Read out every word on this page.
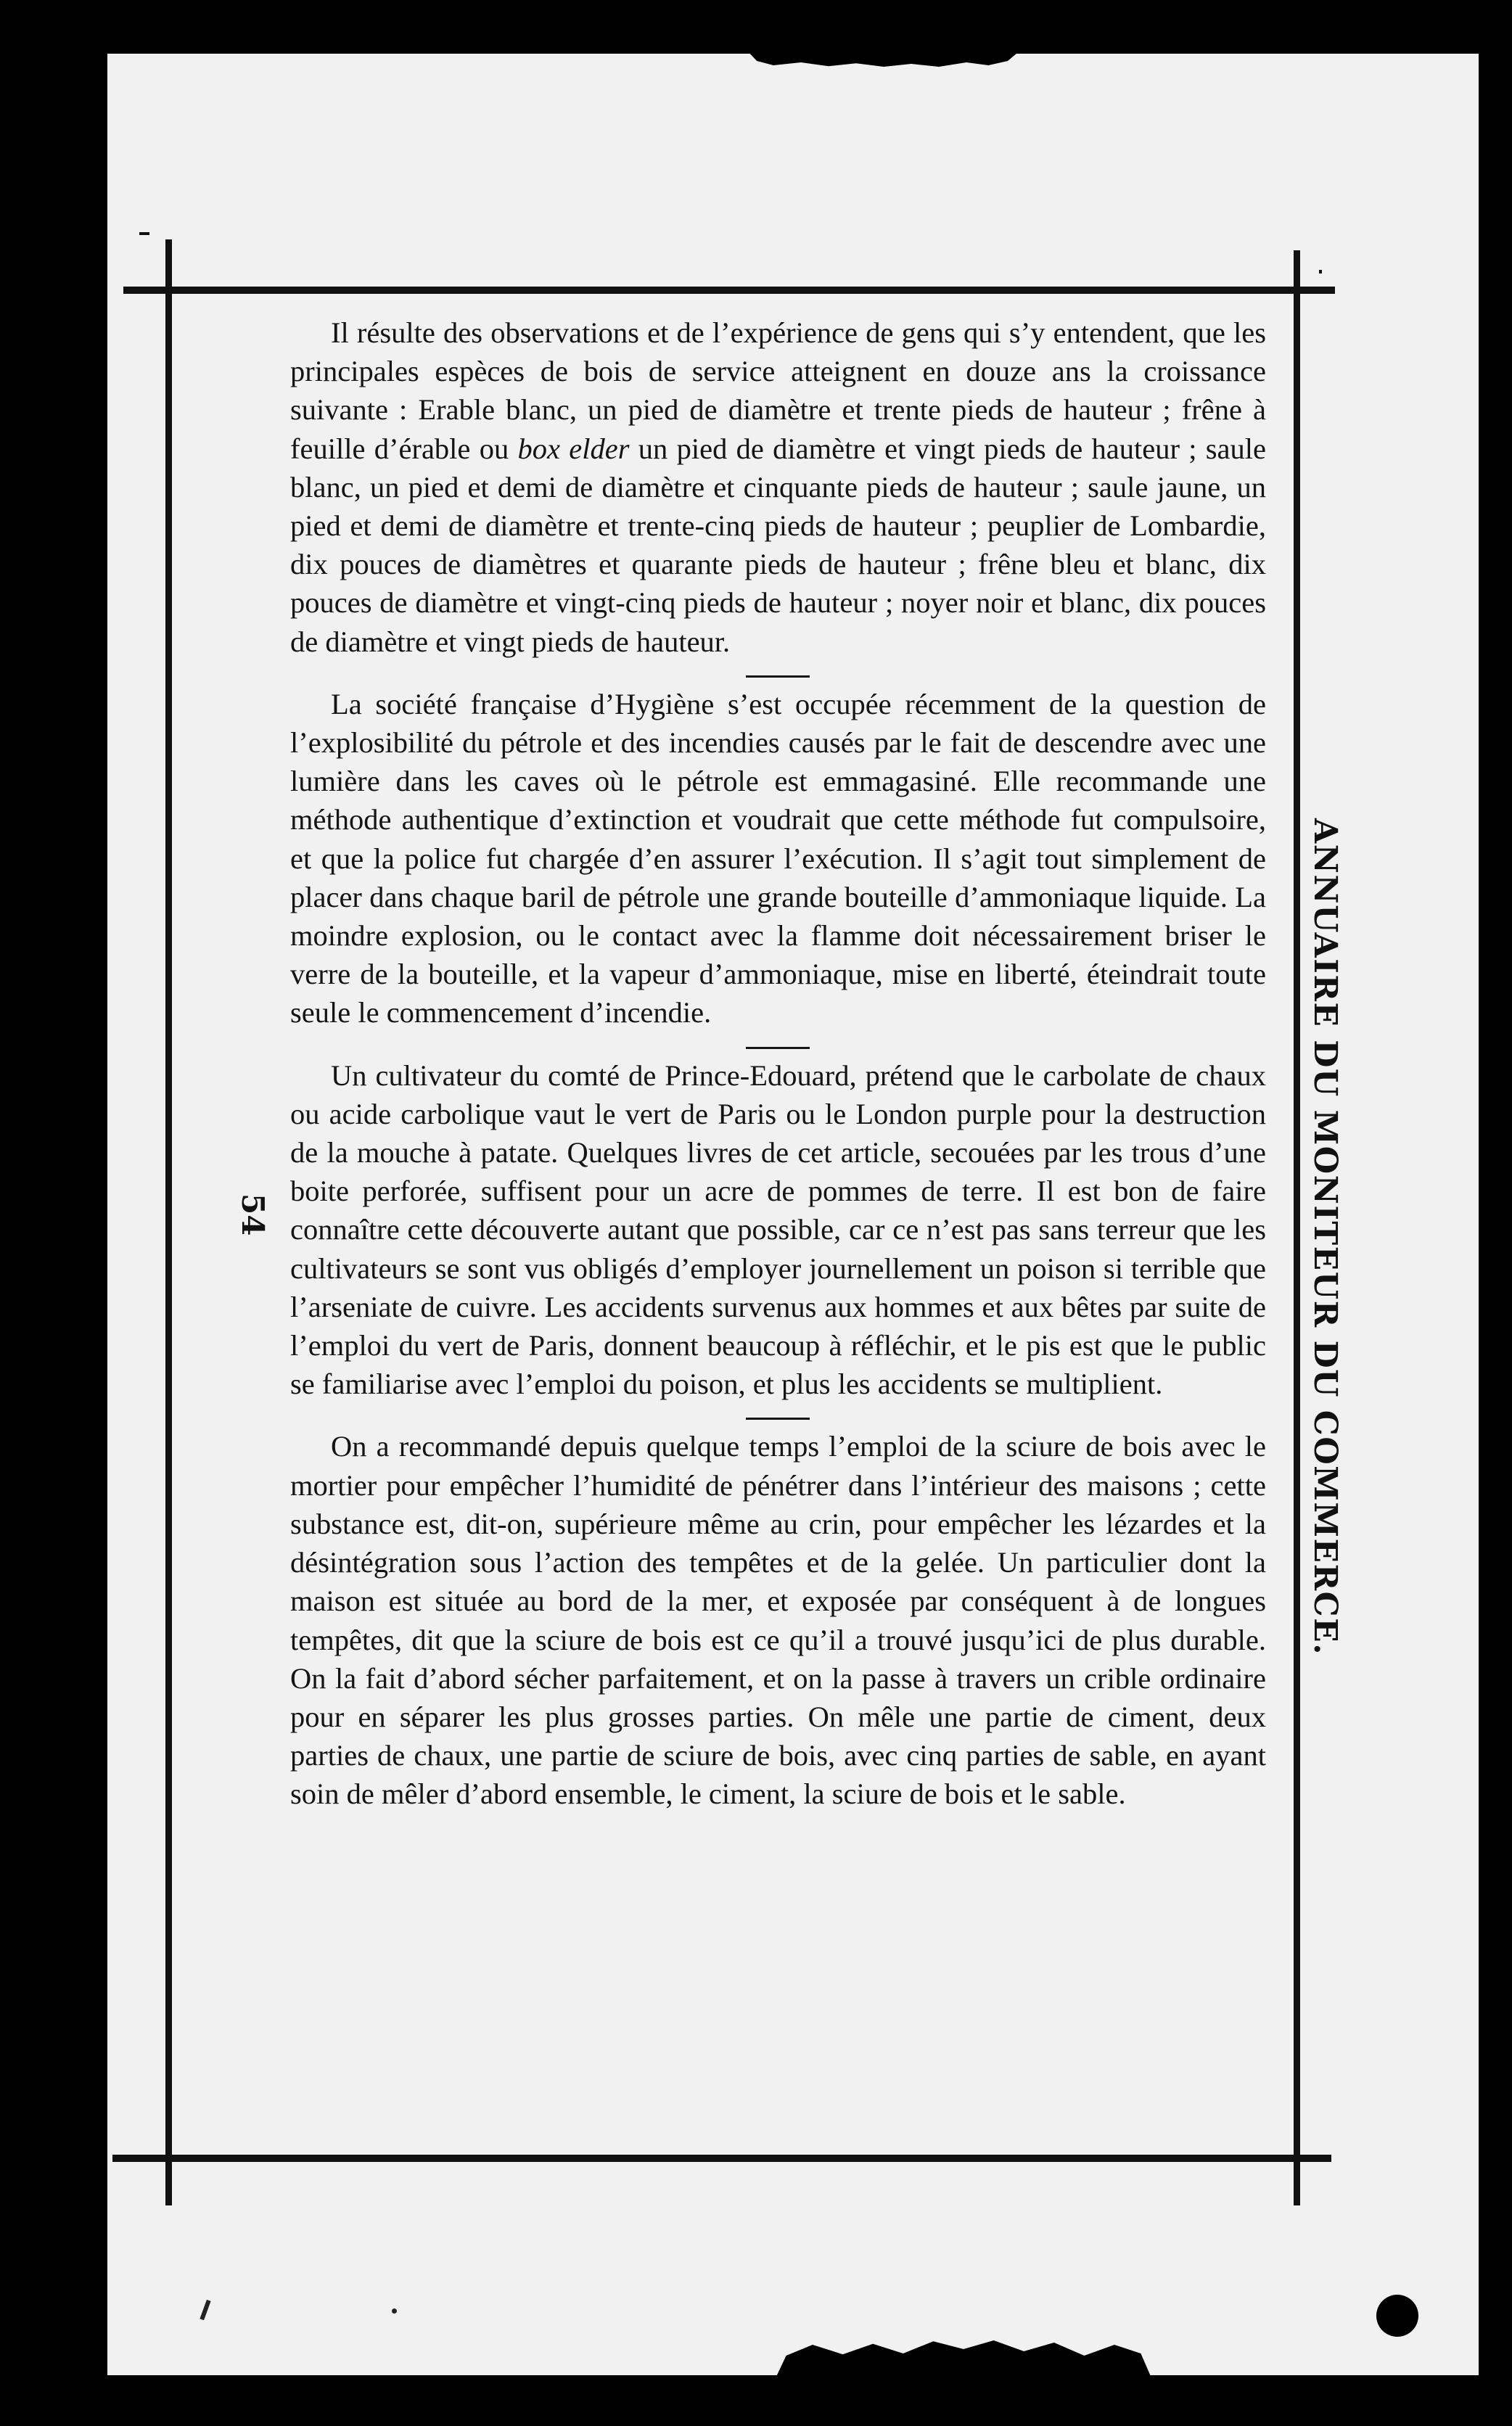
Il résulte des observations et de l’expérience de gens qui s’y entendent, que les principales espèces de bois de service atteignent en douze ans la croissance suivante : Erable blanc, un pied de diamètre et trente pieds de hauteur ; frêne à feuille d’érable ou box elder un pied de diamètre et vingt pieds de hauteur ; saule blanc, un pied et demi de diamètre et cinquante pieds de hauteur ; saule jaune, un pied et demi de diamètre et trente-cinq pieds de hauteur ; peuplier de Lombardie, dix pouces de diamètres et quarante pieds de hauteur ; frêne bleu et blanc, dix pouces de diamètre et vingt-cinq pieds de hauteur ; noyer noir et blanc, dix pouces de diamètre et vingt pieds de hauteur.

La société française d’Hygiène s’est occupée récemment de la question de l’explosibilité du pétrole et des incendies causés par le fait de descendre avec une lumière dans les caves où le pétrole est emmagasiné. Elle recommande une méthode authentique d’extinction et voudrait que cette méthode fut compulsoire, et que la police fut chargée d’en assurer l’exécution. Il s’agit tout simplement de placer dans chaque baril de pétrole une grande bouteille d’ammoniaque liquide. La moindre explosion, ou le contact avec la flamme doit nécessairement briser le verre de la bouteille, et la vapeur d’ammoniaque, mise en liberté, éteindrait toute seule le commencement d’incendie.

Un cultivateur du comté de Prince-Edouard, prétend que le carbolate de chaux ou acide carbolique vaut le vert de Paris ou le London purple pour la destruction de la mouche à patate. Quelques livres de cet article, secouées par les trous d’une boite perforée, suffisent pour un acre de pommes de terre. Il est bon de faire connaître cette découverte autant que possible, car ce n’est pas sans terreur que les cultivateurs se sont vus obligés d’employer journellement un poison si terrible que l’arseniate de cuivre. Les accidents survenus aux hommes et aux bêtes par suite de l’emploi du vert de Paris, donnent beaucoup à réfléchir, et le pis est que le public se familiarise avec l’emploi du poison, et plus les accidents se multiplient.

On a recommandé depuis quelque temps l’emploi de la sciure de bois avec le mortier pour empêcher l’humidité de pénétrer dans l’intérieur des maisons ; cette substance est, dit-on, supérieure même au crin, pour empêcher les lézardes et la désintégration sous l’action des tempêtes et de la gelée. Un particulier dont la maison est située au bord de la mer, et exposée par conséquent à de longues tempêtes, dit que la sciure de bois est ce qu’il a trouvé jusqu’ici de plus durable. On la fait d’abord sécher parfaitement, et on la passe à travers un crible ordinaire pour en séparer les plus grosses parties. On mêle une partie de ciment, deux parties de chaux, une partie de sciure de bois, avec cinq parties de sable, en ayant soin de mêler d’abord ensemble, le ciment, la sciure de bois et le sable.

ANNUAIRE DU MONITEUR DU COMMERCE.
54
